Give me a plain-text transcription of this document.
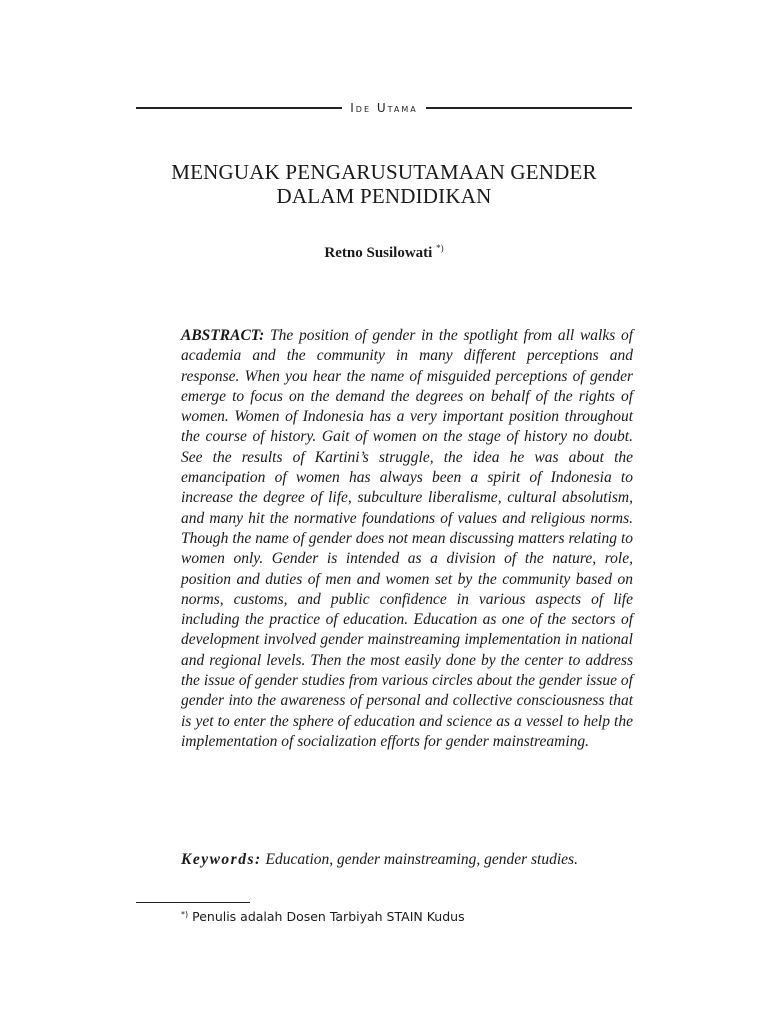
Ide Utama
MENGUAK PENGARUSUTAMAAN GENDER
DALAM PENDIDIKAN
Retno Susilowati *)

ABSTRACT: The position of gender in the spotlight from all walks of academia and the community in many different perceptions and response. When you hear the name of misguided perceptions of gender emerge to focus on the demand the degrees on behalf of the rights of women. Women of Indonesia has a very important position throughout the course of history. Gait of women on the stage of history no doubt. See the results of Kartini’s struggle, the idea he was about the emancipation of women has always been a spirit of Indonesia to increase the degree of life, subculture liberalisme, cultural absolutism, and many hit the normative foundations of values and religious norms. Though the name of gender does not mean discussing matters relating to women only. Gender is intended as a division of the nature, role, position and duties of men and women set by the community based on norms, customs, and public confidence in various aspects of life including the practice of education. Education as one of the sectors of development involved gender mainstreaming implementation in national and regional levels. Then the most easily done by the center to address the issue of gender studies from various circles about the gender issue of gender into the awareness of personal and collective consciousness that is yet to enter the sphere of education and science as a vessel to help the implementation of socialization efforts for gender mainstreaming.

Keywords: Education, gender mainstreaming, gender studies.

*) Penulis adalah Dosen Tarbiyah STAIN Kudus
